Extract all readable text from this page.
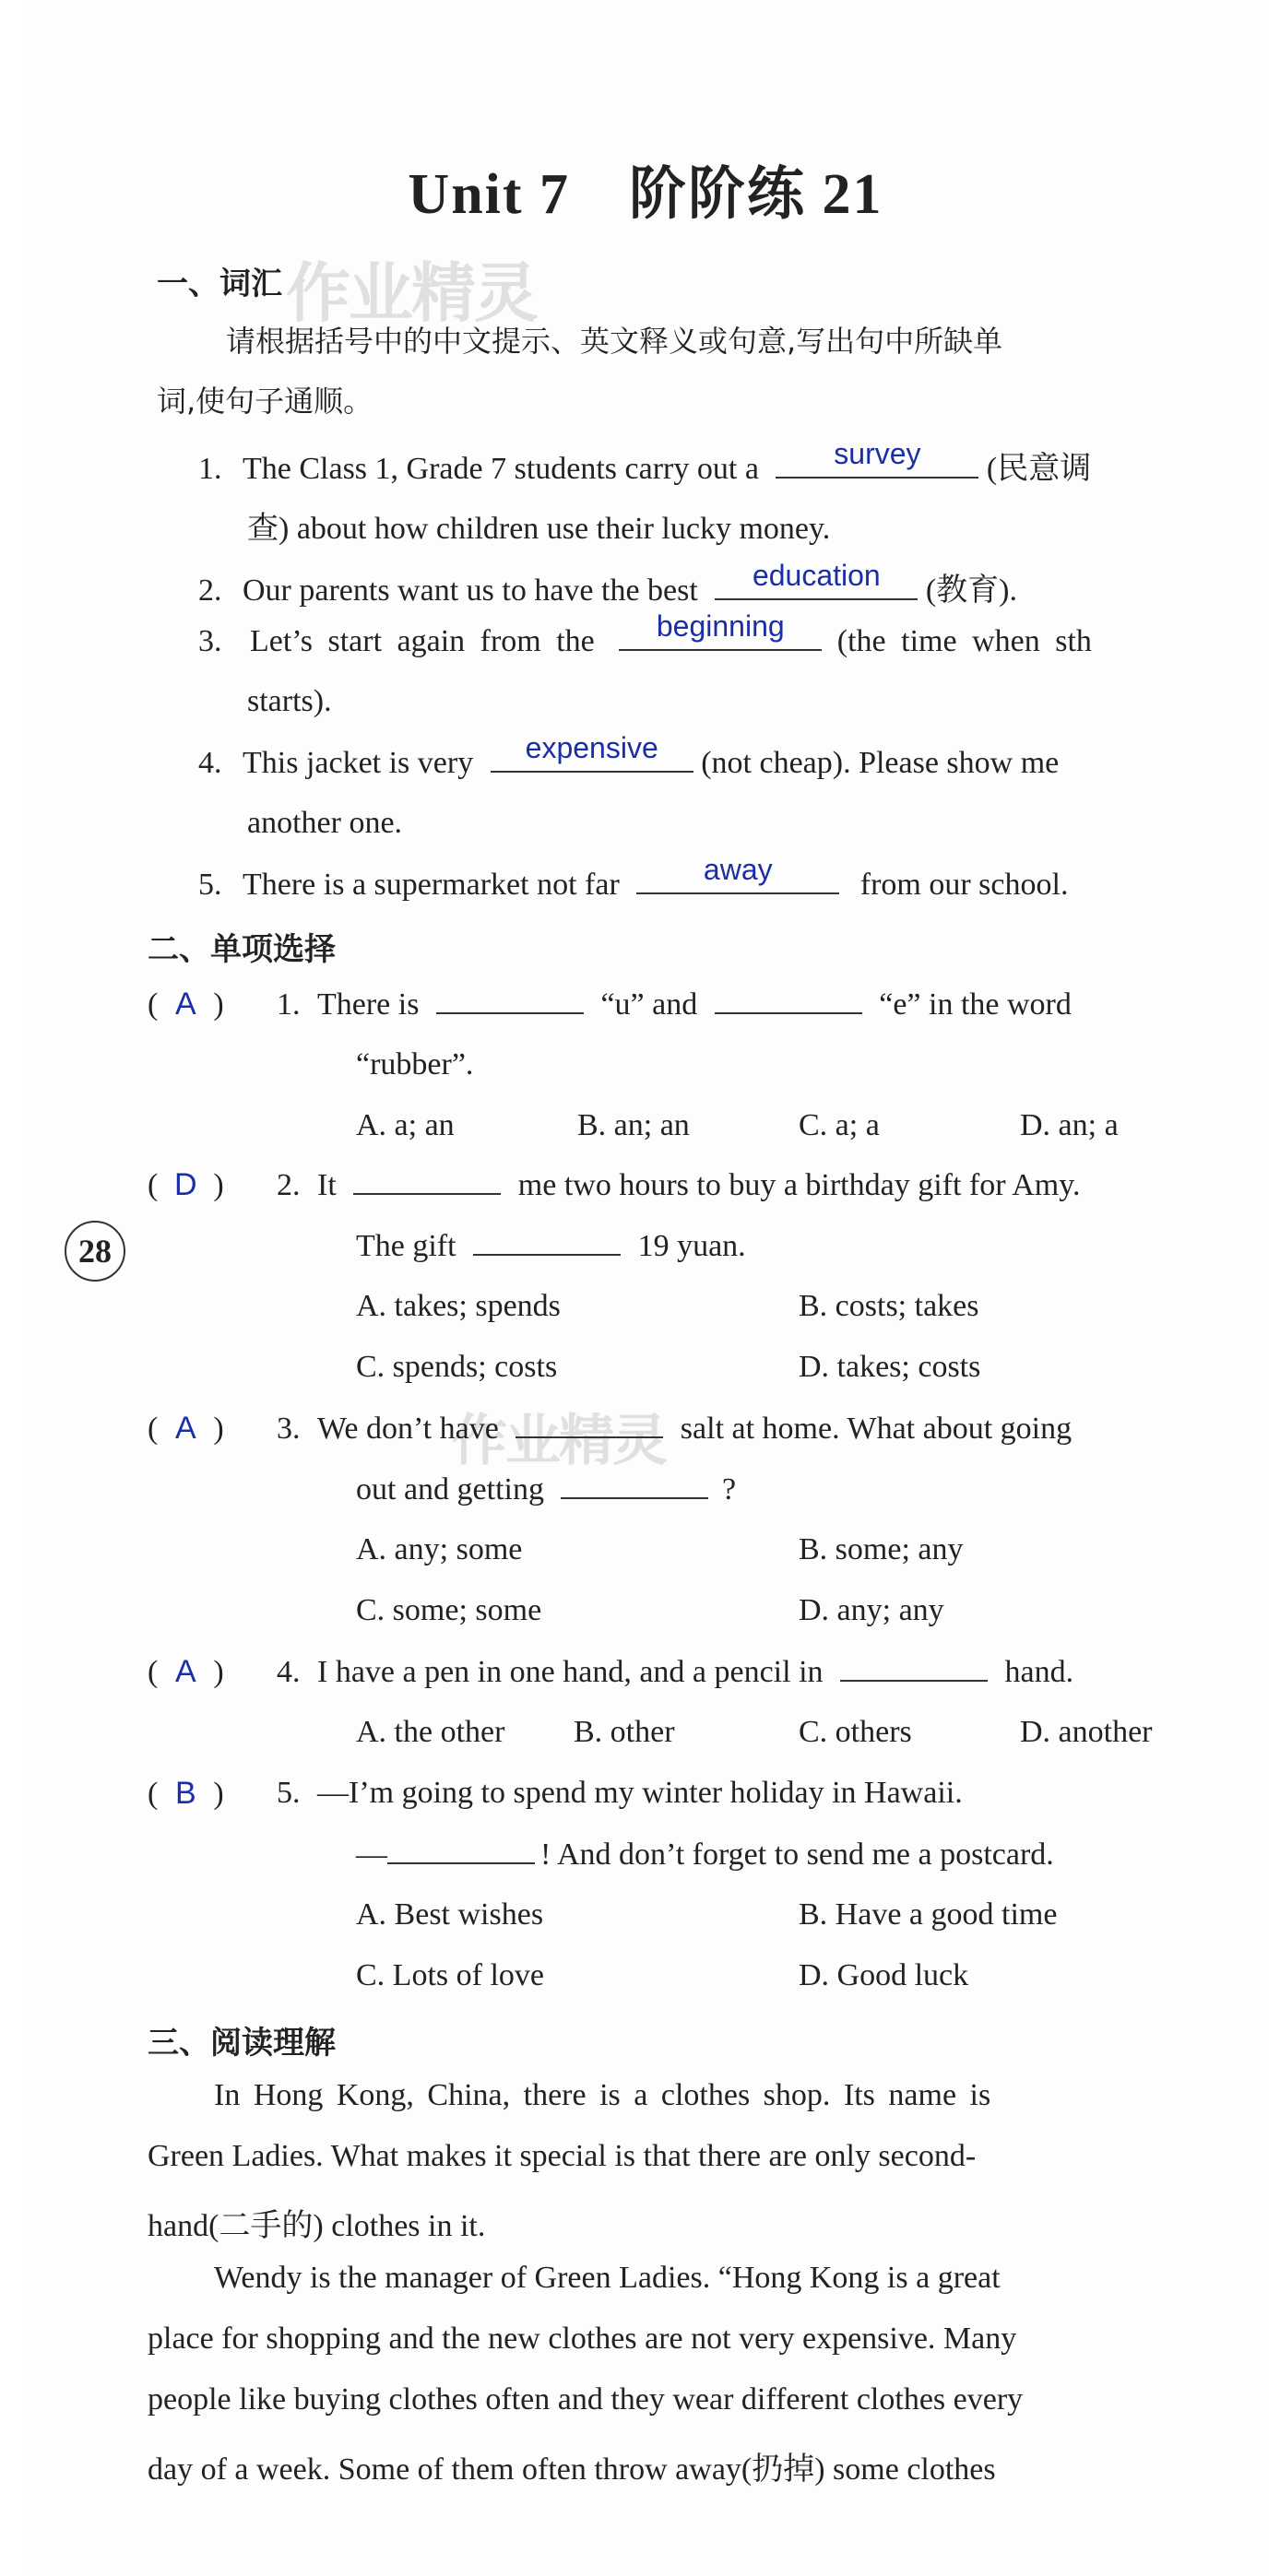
Unit 7　阶阶练 21
作业精灵
作业精灵
一、词汇
请根据括号中的中文提示、英文释义或句意,写出句中所缺单
词,使句子通顺。
1. The Class 1, Grade 7 students carry out a	survey	(民意调
查) about how children use their lucky money.
2. Our parents want us to have the best	education	(教育).
3. Let’s start again from the	beginning	(the time when sth
starts).
4. This jacket is very	expensive	(not cheap). Please show me
another one.
5. There is a supermarket not far	away	from our school.
二、单项选择
( A ) 1. There is	“u” and	“e” in the word
“rubber”.
A. a; an	B. an; an	C. a; a	D. an; a
( D ) 2. It	me two hours to buy a birthday gift for Amy.
The gift	19 yuan.
A. takes; spends	B. costs; takes
C. spends; costs	D. takes; costs
28
( A ) 3. We don’t have	salt at home. What about going
out and getting	?
A. any; some	B. some; any
C. some; some	D. any; any
( A ) 4. I have a pen in one hand, and a pencil in	hand.
A. the other B. other	C. others	D. another
( B ) 5. —I’m going to spend my winter holiday in Hawaii.
—	! And don’t forget to send me a postcard.
A. Best wishes	B. Have a good time
C. Lots of love	D. Good luck
三、阅读理解
In Hong Kong, China, there is a clothes shop. Its name is
Green Ladies. What makes it special is that there are only second-
hand(二手的) clothes in it.
Wendy is the manager of Green Ladies. “Hong Kong is a great
place for shopping and the new clothes are not very expensive. Many
people like buying clothes often and they wear different clothes every
day of a week. Some of them often throw away(扔掉) some clothes
